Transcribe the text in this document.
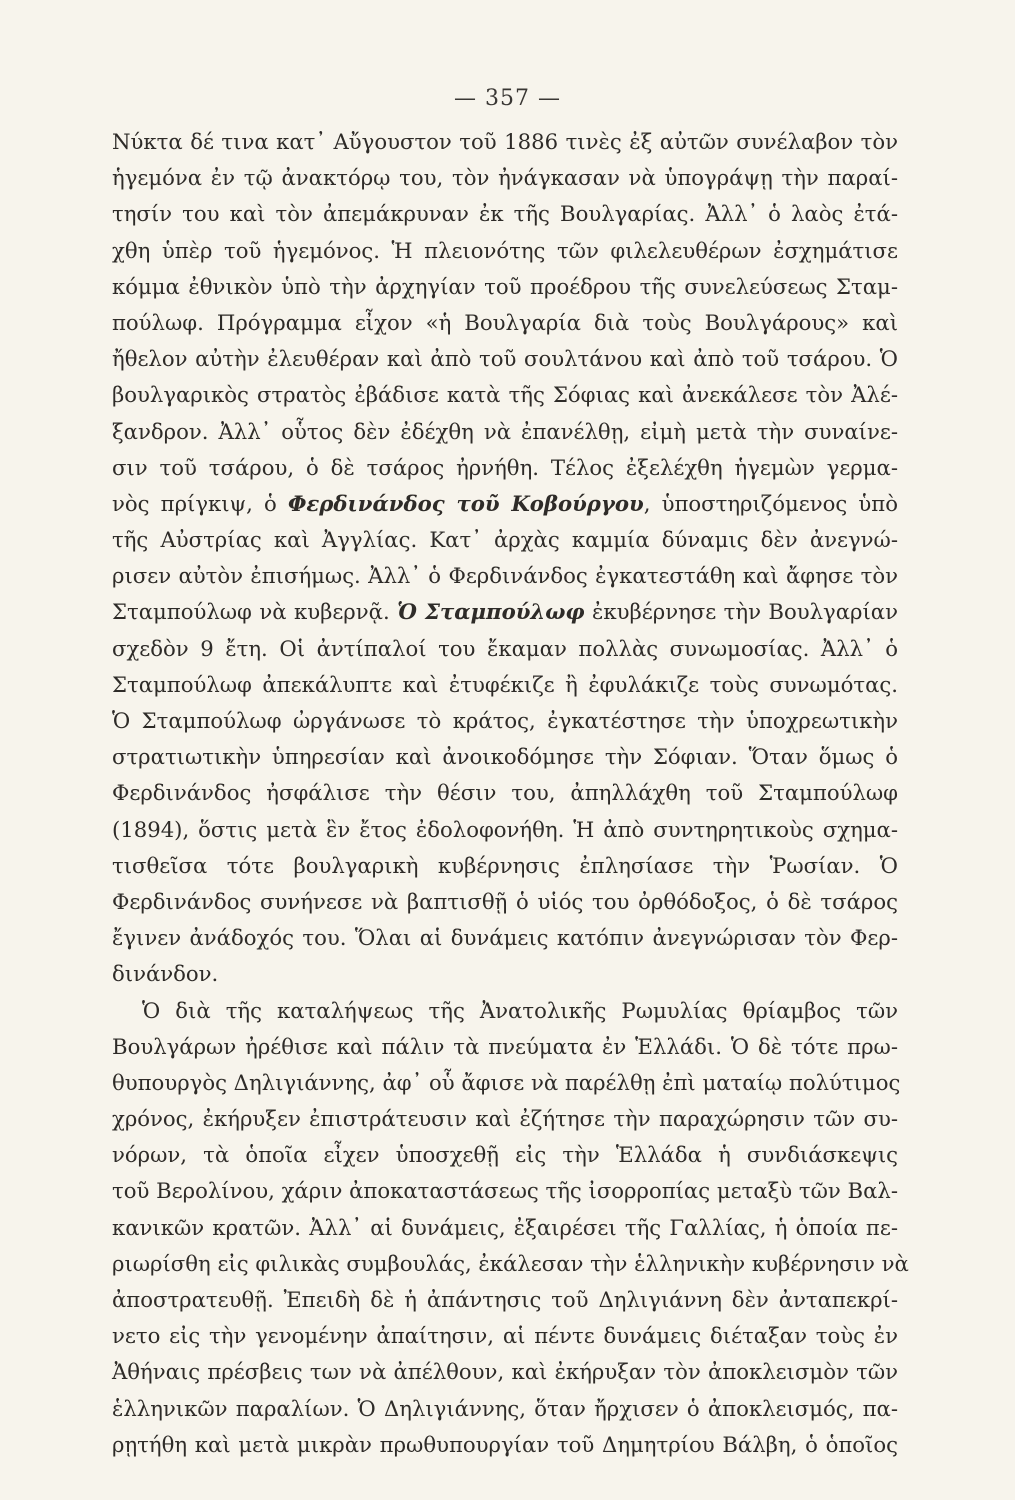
— 357 —
Νύκτα δέ τινα κατ᾽ Αὔγουστον τοῦ 1886 τινὲς ἐξ αὐτῶν συνέλαβον τὸν
ἡγεμόνα ἐν τῷ ἀνακτόρῳ του, τὸν ἠνάγκασαν νὰ ὑπογράψῃ τὴν παραί-
τησίν του καὶ τὸν ἀπεμάκρυναν ἐκ τῆς Βουλγαρίας. Ἀλλ᾽ ὁ λαὸς ἐτά-
χθη ὑπὲρ τοῦ ἡγεμόνος. Ἡ πλειονότης τῶν φιλελευθέρων ἐσχημάτισε
κόμμα ἐθνικὸν ὑπὸ τὴν ἀρχηγίαν τοῦ προέδρου τῆς συνελεύσεως Σταμ-
πούλωφ. Πρόγραμμα εἶχον «ἡ Βουλγαρία διὰ τοὺς Βουλγάρους» καὶ
ἤθελον αὐτὴν ἐλευθέραν καὶ ἀπὸ τοῦ σουλτάνου καὶ ἀπὸ τοῦ τσάρου. Ὁ
βουλγαρικὸς στρατὸς ἐβάδισε κατὰ τῆς Σόφιας καὶ ἀνεκάλεσε τὸν Ἀλέ-
ξανδρον. Ἀλλ᾽ οὗτος δὲν ἐδέχθη νὰ ἐπανέλθῃ, εἰμὴ μετὰ τὴν συναίνε-
σιν τοῦ τσάρου, ὁ δὲ τσάρος ἠρνήθη. Τέλος ἐξελέχθη ἡγεμὼν γερμα-
νὸς πρίγκιψ, ὁ Φερδινάνδος τοῦ Κοβούργου, ὑποστηριζόμενος ὑπὸ
τῆς Αὐστρίας καὶ Ἀγγλίας. Κατ᾽ ἀρχὰς καμμία δύναμις δὲν ἀνεγνώ-
ρισεν αὐτὸν ἐπισήμως. Ἀλλ᾽ ὁ Φερδινάνδος ἐγκατεστάθη καὶ ἄφησε τὸν
Σταμπούλωφ νὰ κυβερνᾷ. Ὁ Σταμπούλωφ ἐκυβέρνησε τὴν Βουλγαρίαν
σχεδὸν 9 ἔτη. Οἱ ἀντίπαλοί του ἔκαμαν πολλὰς συνωμοσίας. Ἀλλ᾽ ὁ
Σταμπούλωφ ἀπεκάλυπτε καὶ ἐτυφέκιζε ἢ ἐφυλάκιζε τοὺς συνωμότας.
Ὁ Σταμπούλωφ ὠργάνωσε τὸ κράτος, ἐγκατέστησε τὴν ὑποχρεωτικὴν
στρατιωτικὴν ὑπηρεσίαν καὶ ἀνοικοδόμησε τὴν Σόφιαν. Ὅταν ὅμως ὁ
Φερδινάνδος ἠσφάλισε τὴν θέσιν του, ἀπηλλάχθη τοῦ Σταμπούλωφ
(1894), ὅστις μετὰ ἓν ἔτος ἐδολοφονήθη. Ἡ ἀπὸ συντηρητικοὺς σχημα-
τισθεῖσα τότε βουλγαρικὴ κυβέρνησις ἐπλησίασε τὴν Ῥωσίαν. Ὁ
Φερδινάνδος συνήνεσε νὰ βαπτισθῇ ὁ υἱός του ὀρθόδοξος, ὁ δὲ τσάρος
ἔγινεν ἀνάδοχός του. Ὅλαι αἱ δυνάμεις κατόπιν ἀνεγνώρισαν τὸν Φερ-
δινάνδον.
Ὁ διὰ τῆς καταλήψεως τῆς Ἀνατολικῆς Ρωμυλίας θρίαμβος τῶν
Βουλγάρων ἠρέθισε καὶ πάλιν τὰ πνεύματα ἐν Ἑλλάδι. Ὁ δὲ τότε πρω-
θυπουργὸς Δηλιγιάννης, ἀφ᾽ οὗ ἄφισε νὰ παρέλθῃ ἐπὶ ματαίῳ πολύτιμος
χρόνος, ἐκήρυξεν ἐπιστράτευσιν καὶ ἐζήτησε τὴν παραχώρησιν τῶν συ-
νόρων, τὰ ὁποῖα εἶχεν ὑποσχεθῇ εἰς τὴν Ἑλλάδα ἡ συνδιάσκεψις
τοῦ Βερολίνου, χάριν ἀποκαταστάσεως τῆς ἰσορροπίας μεταξὺ τῶν Βαλ-
κανικῶν κρατῶν. Ἀλλ᾽ αἱ δυνάμεις, ἐξαιρέσει τῆς Γαλλίας, ἡ ὁποία πε-
ριωρίσθη εἰς φιλικὰς συμβουλάς, ἐκάλεσαν τὴν ἑλληνικὴν κυβέρνησιν νὰ
ἀποστρατευθῇ. Ἐπειδὴ δὲ ἡ ἀπάντησις τοῦ Δηλιγιάννη δὲν ἀνταπεκρί-
νετο εἰς τὴν γενομένην ἀπαίτησιν, αἱ πέντε δυνάμεις διέταξαν τοὺς ἐν
Ἀθήναις πρέσβεις των νὰ ἀπέλθουν, καὶ ἐκήρυξαν τὸν ἀποκλεισμὸν τῶν
ἑλληνικῶν παραλίων. Ὁ Δηλιγιάννης, ὅταν ἤρχισεν ὁ ἀποκλεισμός, πα-
ρῃτήθη καὶ μετὰ μικρὰν πρωθυπουργίαν τοῦ Δημητρίου Βάλβη, ὁ ὁποῖος
